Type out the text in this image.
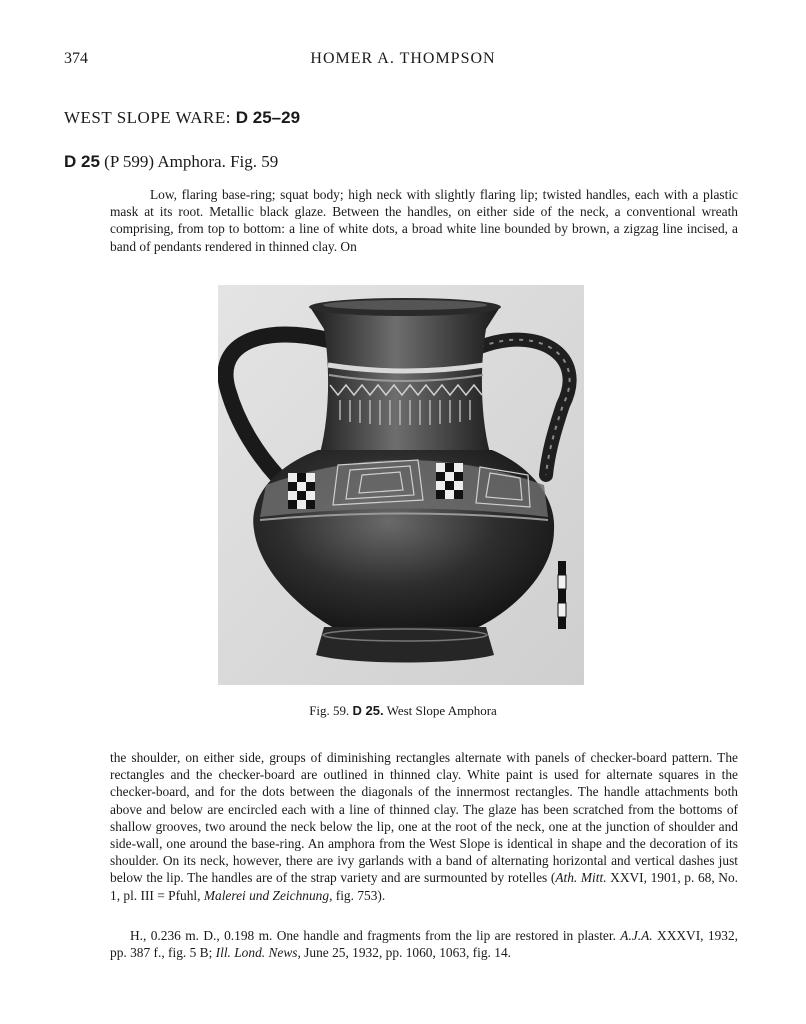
374	HOMER A. THOMPSON
WEST SLOPE WARE: D 25–29
D 25 (P 599) Amphora. Fig. 59

Low, flaring base-ring; squat body; high neck with slightly flaring lip; twisted handles, each with a plastic mask at its root. Metallic black glaze. Between the handles, on either side of the neck, a conventional wreath comprising, from top to bottom: a line of white dots, a broad white line bounded by brown, a zigzag line incised, a band of pendants rendered in thinned clay. On

Fig. 59. D 25. West Slope Amphora

the shoulder, on either side, groups of diminishing rectangles alternate with panels of checker-board pattern. The rectangles and the checker-board are outlined in thinned clay. White paint is used for alternate squares in the checker-board, and for the dots between the diagonals of the innermost rectangles. The handle attachments both above and below are encircled each with a line of thinned clay. The glaze has been scratched from the bottoms of shallow grooves, two around the neck below the lip, one at the root of the neck, one at the junction of shoulder and side-wall, one around the base-ring. An amphora from the West Slope is identical in shape and the decoration of its shoulder. On its neck, however, there are ivy garlands with a band of alternating horizontal and vertical dashes just below the lip. The handles are of the strap variety and are surmounted by rotelles (Ath. Mitt. XXVI, 1901, p. 68, No. 1, pl. III = Pfuhl, Malerei und Zeichnung, fig. 753).

H., 0.236 m. D., 0.198 m. One handle and fragments from the lip are restored in plaster. A.J.A. XXXVI, 1932, pp. 387 f., fig. 5 B; Ill. Lond. News, June 25, 1932, pp. 1060, 1063, fig. 14.
